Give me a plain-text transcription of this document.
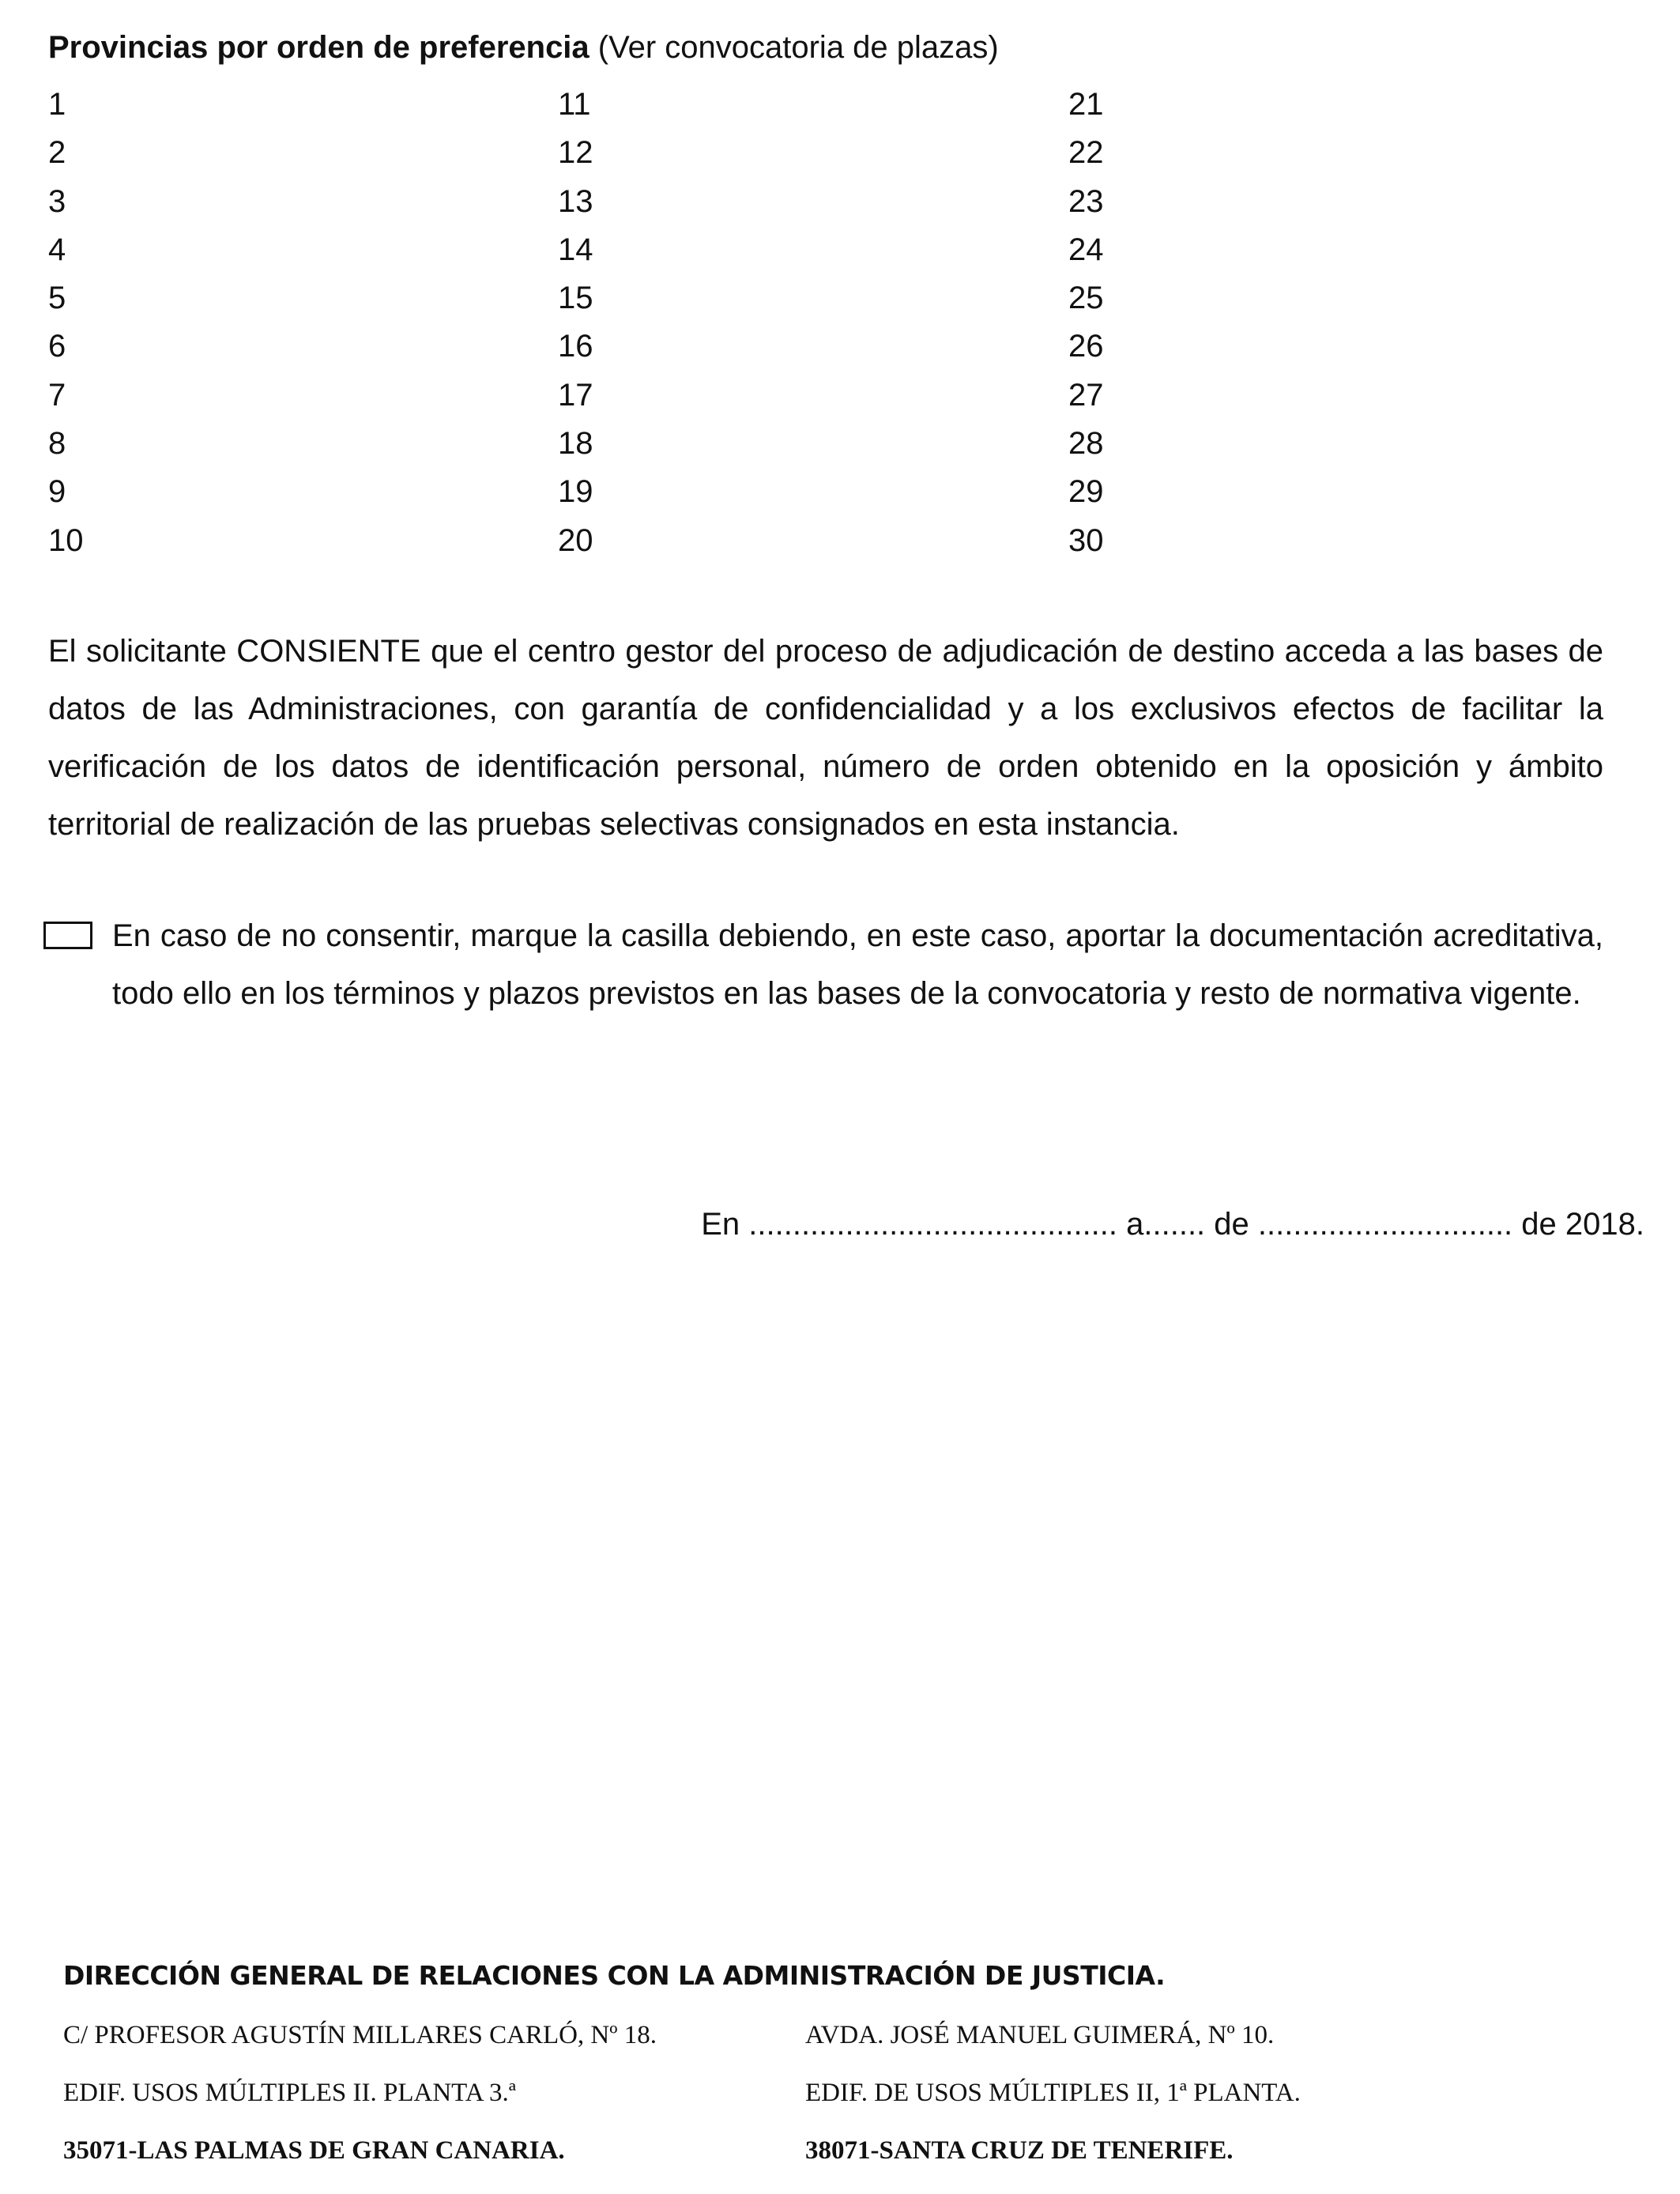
Provincias por orden de preferencia (Ver convocatoria de plazas)
1
2
3
4
5
6
7
8
9
10
11
12
13
14
15
16
17
18
19
20
21
22
23
24
25
26
27
28
29
30

El solicitante CONSIENTE que el centro gestor del proceso de adjudicación de destino acceda a las bases de datos de las Administraciones, con garantía de confidencialidad y a los exclusivos efectos de facilitar la verificación de los datos de identificación personal, número de orden obtenido en la oposición y ámbito territorial de realización de las pruebas selectivas consignados en esta instancia.

En caso de no consentir, marque la casilla debiendo, en este caso, aportar la documentación acreditativa, todo ello en los términos y plazos previstos en las bases de la convocatoria y resto de normativa vigente.

En .......................................... a....... de ............................. de 2018.
DIRECCIÓN GENERAL DE RELACIONES CON LA ADMINISTRACIÓN DE JUSTICIA.
C/ PROFESOR AGUSTÍN MILLARES CARLÓ, Nº 18.
EDIF. USOS MÚLTIPLES II. PLANTA 3.ª
35071-LAS PALMAS DE GRAN CANARIA.
AVDA. JOSÉ MANUEL GUIMERÁ, Nº 10.
EDIF. DE USOS MÚLTIPLES II, 1ª PLANTA.
38071-SANTA CRUZ DE TENERIFE.
